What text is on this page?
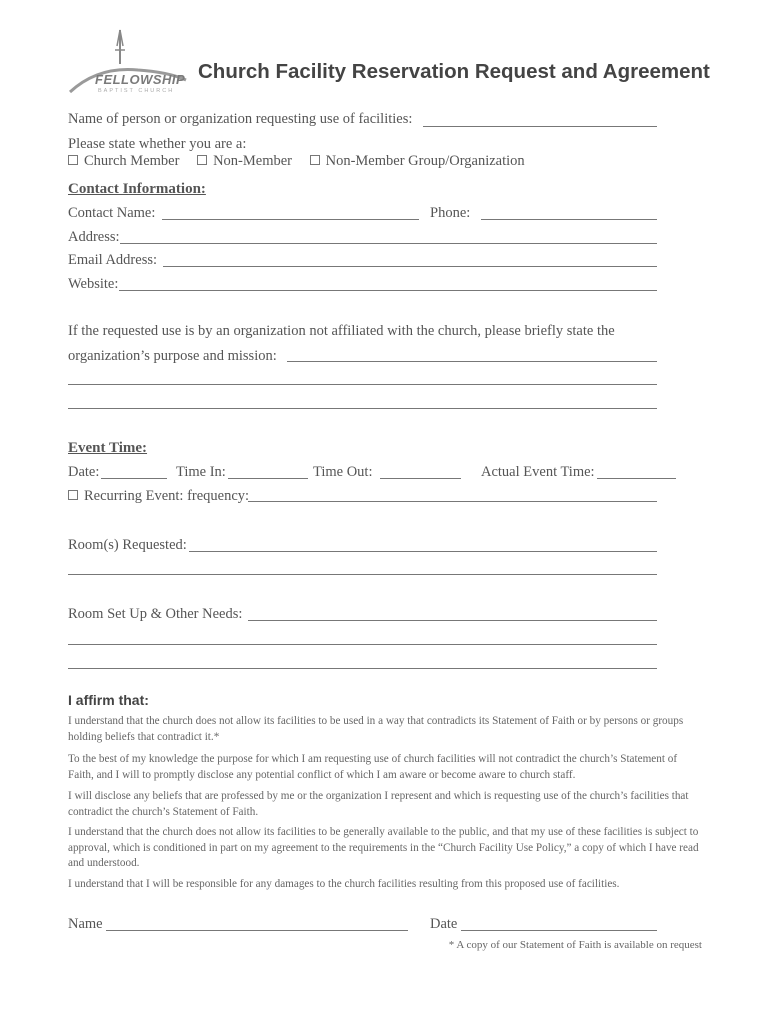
FELLOWSHIP
BAPTIST CHURCH
Church Facility Reservation Request and Agreement
Name of person or organization requesting use of facilities:
Please state whether you are a:
Church Member Non-Member Non-Member Group/Organization
Contact Information:
Contact Name:	Phone:
Address:
Email Address:
Website:
If the requested use is by an organization not affiliated with the church, please briefly state the
organization’s purpose and mission:
Event Time:
Date:	Time In:	Time Out:	Actual Event Time:
Recurring Event: frequency:
Room(s) Requested:
Room Set Up & Other Needs:
I affirm that:

I understand that the church does not allow its facilities to be used in a way that contradicts its Statement of Faith or by persons or groups holding beliefs that contradict it.*

To the best of my knowledge the purpose for which I am requesting use of church facilities will not contradict the church’s Statement of Faith, and I will to promptly disclose any potential conflict of which I am aware or become aware to church staff.

I will disclose any beliefs that are professed by me or the organization I represent and which is requesting use of the church’s facilities that contradict the church’s Statement of Faith.

I understand that the church does not allow its facilities to be generally available to the public, and that my use of these facilities is subject to approval, which is conditioned in part on my agreement to the requirements in the “Church Facility Use Policy,” a copy of which I have read and understood.

I understand that I will be responsible for any damages to the church facilities resulting from this proposed use of facilities.

Name	Date
* A copy of our Statement of Faith is available on request
